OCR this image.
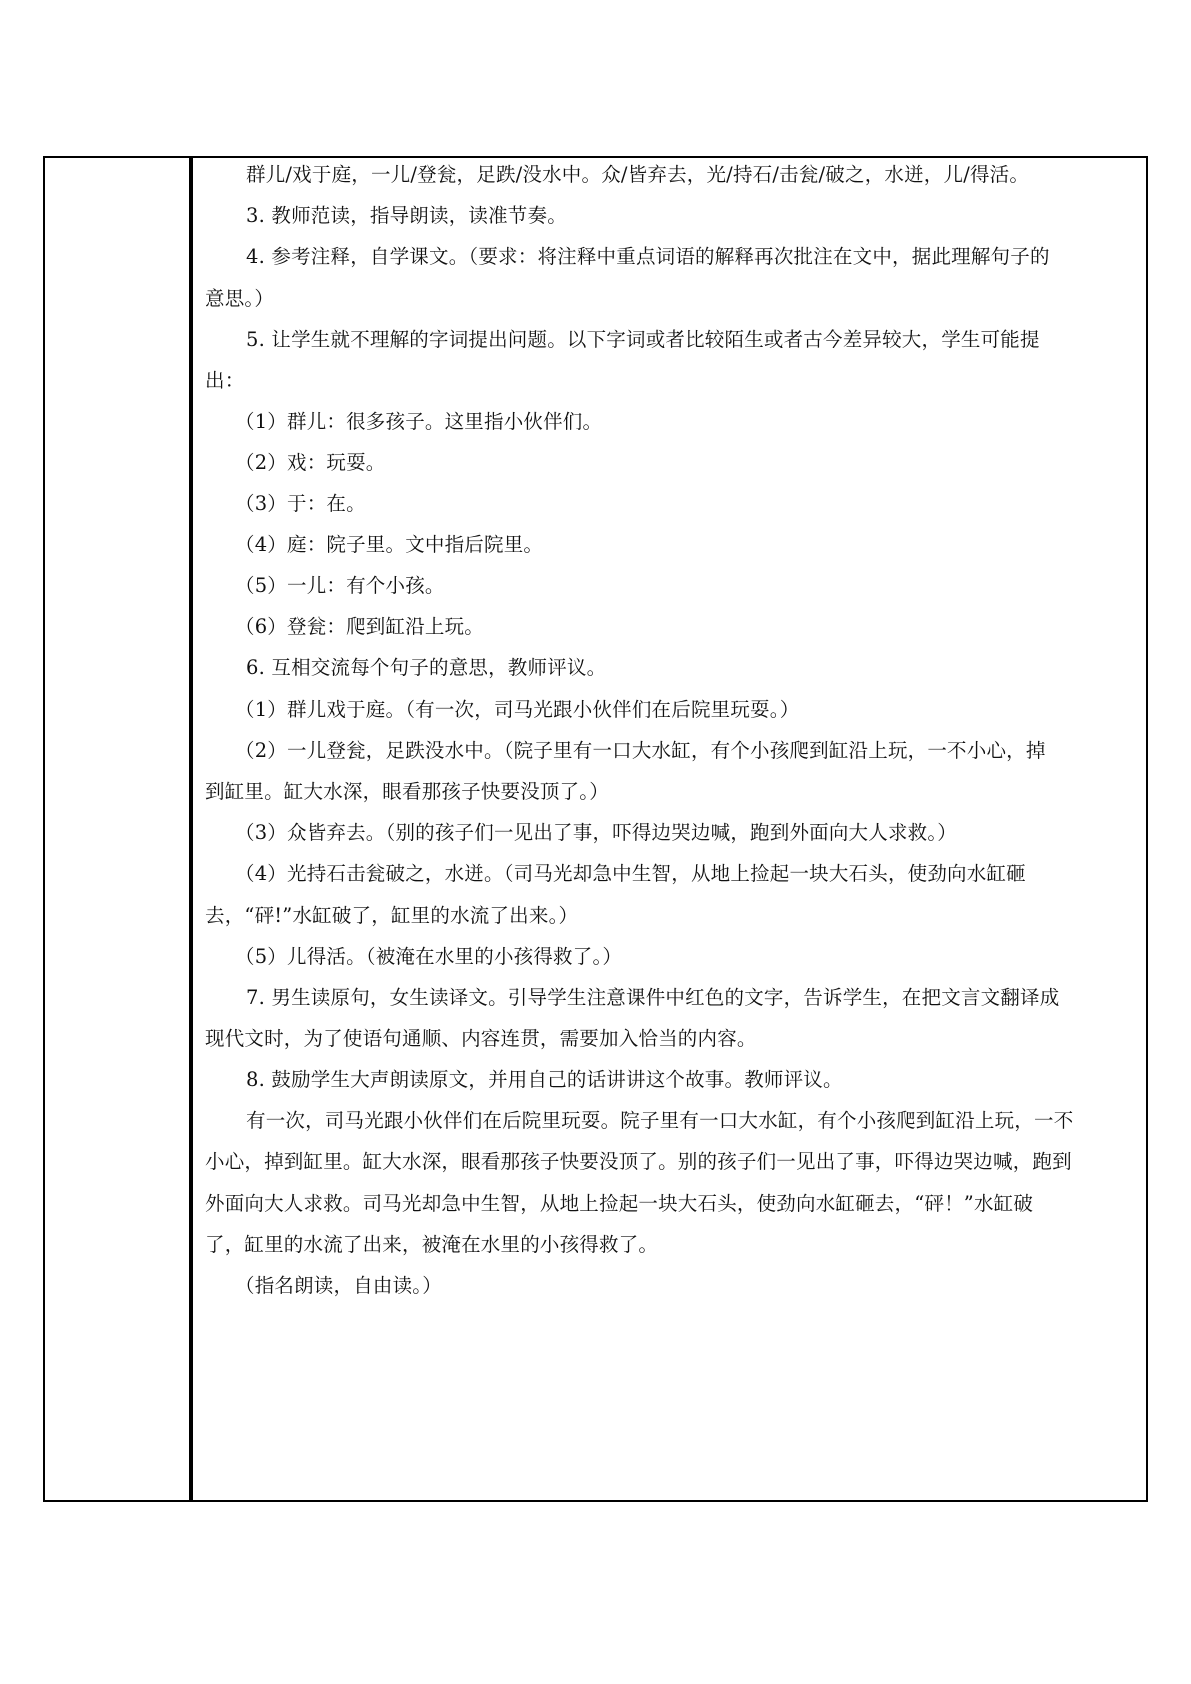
群儿/戏于庭，一儿/登瓮，足跌/没水中。众/皆弃去，光/持石/击瓮/破之，水迸，儿/得活。
3. 教师范读，指导朗读，读准节奏。
4. 参考注释，自学课文。（要求：将注释中重点词语的解释再次批注在文中，据此理解句子的
意思。）
5. 让学生就不理解的字词提出问题。以下字词或者比较陌生或者古今差异较大，学生可能提
出：
（1）群儿：很多孩子。这里指小伙伴们。
（2）戏：玩耍。
（3）于：在。
（4）庭：院子里。文中指后院里。
（5）一儿：有个小孩。
（6）登瓮：爬到缸沿上玩。
6. 互相交流每个句子的意思，教师评议。
（1）群儿戏于庭。（有一次，司马光跟小伙伴们在后院里玩耍。）
（2）一儿登瓮，足跌没水中。（院子里有一口大水缸，有个小孩爬到缸沿上玩，一不小心，掉
到缸里。缸大水深，眼看那孩子快要没顶了。）
（3）众皆弃去。（别的孩子们一见出了事，吓得边哭边喊，跑到外面向大人求救。）
（4）光持石击瓮破之，水迸。（司马光却急中生智，从地上捡起一块大石头，使劲向水缸砸
去，“砰!”水缸破了，缸里的水流了出来。）
（5）儿得活。（被淹在水里的小孩得救了。）
7. 男生读原句，女生读译文。引导学生注意课件中红色的文字，告诉学生，在把文言文翻译成
现代文时，为了使语句通顺、内容连贯，需要加入恰当的内容。
8. 鼓励学生大声朗读原文，并用自己的话讲讲这个故事。教师评议。
有一次，司马光跟小伙伴们在后院里玩耍。院子里有一口大水缸，有个小孩爬到缸沿上玩，一不
小心，掉到缸里。缸大水深，眼看那孩子快要没顶了。别的孩子们一见出了事，吓得边哭边喊，跑到
外面向大人求救。司马光却急中生智，从地上捡起一块大石头，使劲向水缸砸去，“砰！”水缸破
了，缸里的水流了出来，被淹在水里的小孩得救了。
（指名朗读，自由读。）
